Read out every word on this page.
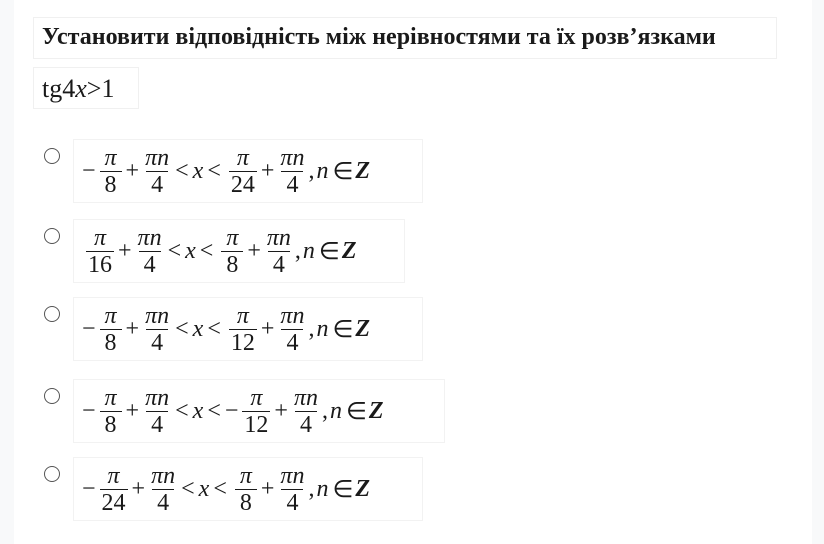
Установити відповідність між нерівностями та їх розв’язками
tg4x>1
− $\frac{\pi}{8} + \frac{\pi n}{4} < x < \frac{\pi}{24} + \frac{\pi n}{4}$ , n ∈ Z
$\frac{\pi}{16} + \frac{\pi n}{4} < x < \frac{\pi}{8} + \frac{\pi n}{4}$ , n ∈ Z
− $\frac{\pi}{8} + \frac{\pi n}{4} < x < \frac{\pi}{12} + \frac{\pi n}{4}$ , n ∈ Z
− $\frac{\pi}{8} + \frac{\pi n}{4} < x$ < − $\frac{\pi}{12} + \frac{\pi n}{4}$ , n ∈ Z
− $\frac{\pi}{24} + \frac{\pi n}{4} < x < \frac{\pi}{8} + \frac{\pi n}{4}$ , n ∈ Z
